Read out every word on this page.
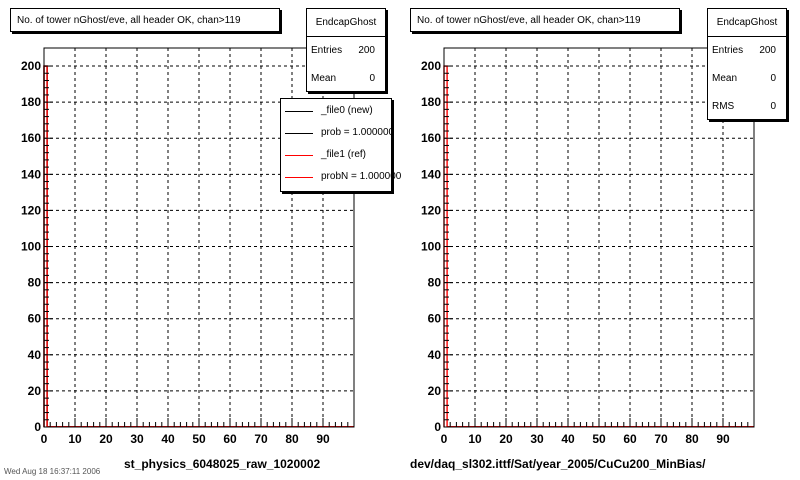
0 10 20 30 40 50 60 70 80 90
0
20
40
60
80
100
120
140
160
180
200
No. of tower nGhost/eve, all header OK, chan>119	EndcapGhost
Entries 200
Mean	0
_file0 (new)
prob = 1.000000
_file1 (ref)
probN = 1.000000
st_physics_6048025_raw_1020002
0 10 20 30 40 50 60 70 80 90
0
20
40
60
80
100
120
140
160
180
200
No. of tower nGhost/eve, all header OK, chan>119	EndcapGhost
Entries 200
Mean	0
RMS	0
dev/daq_sl302.ittf/Sat/year_2005/CuCu200_MinBias/
Wed Aug 18 16:37:11 2006
